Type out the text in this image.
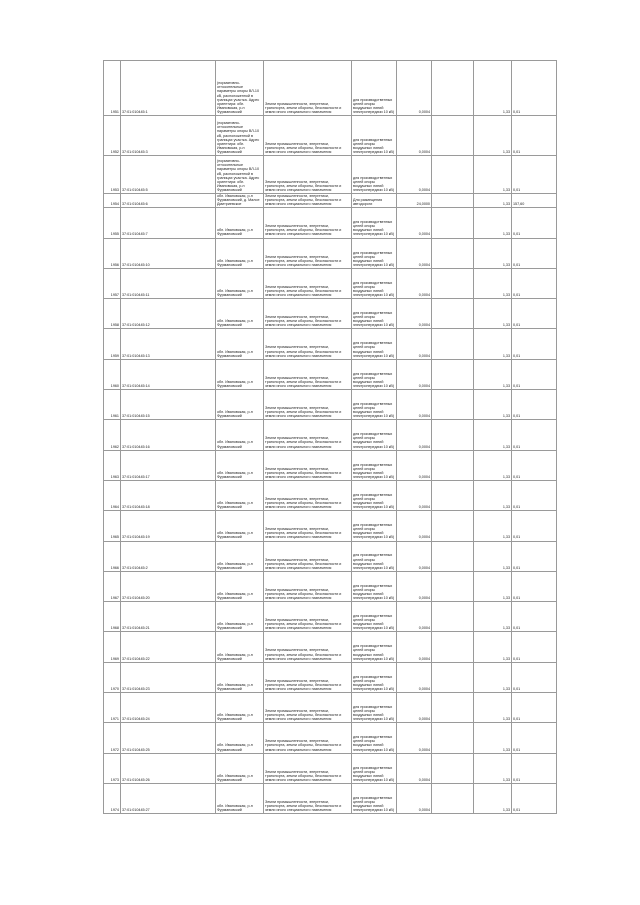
1951	37:01:010445:1	(нормативно-относительные параметры опоры ВЛ-10 кВ, расположенной в границах участка. Адрес ориентира: обл. Ивановская, р-н Фурмановский	Земли промышленности, энергетики, транспорта, земли обороны, безопасности и земли иного специального назначения	для производственных целей опоры воздушных линий электропередачи 10 кВ)	0,0004		1,33	0,01
1952	37:01:010445:3	(нормативно-относительные параметры опоры ВЛ-10 кВ, расположенной в границах участка. Адрес ориентира: обл. Ивановская, р-н Фурмановский	Земли промышленности, энергетики, транспорта, земли обороны, безопасности и земли иного специального назначения	для производственных целей опоры воздушных линий электропередачи 10 кВ)	0,0004		1,33	0,01
1953	37:01:010445:5	(нормативно-относительные параметры опоры ВЛ-10 кВ, расположенной в границах участка. Адрес ориентира: обл. Ивановская, р-н Фурмановский	Земли промышленности, энергетики, транспорта, земли обороны, безопасности и земли иного специального назначения	для производственных целей опоры воздушных линий электропередачи 10 кВ)	0,0004		1,33	0,01
1954	37:01:010445:6	обл. Ивановская, р-н Фурмановский, д. Малое Дмитриевское	Земли промышленности, энергетики, транспорта, земли обороны, безопасности и земли иного специального назначения	Для размещения автодороги	24,0000		1,33	157,60
1955	37:01:010445:7	обл. Ивановская, р-н Фурмановский	Земли промышленности, энергетики, транспорта, земли обороны, безопасности и земли иного специального назначения	для производственных целей опоры воздушных линий электропередачи 10 кВ)	0,0004		1,33	0,01
1956	37:01:010445:10	обл. Ивановская, р-н Фурмановский	Земли промышленности, энергетики, транспорта, земли обороны, безопасности и земли иного специального назначения	для производственных целей опоры воздушных линий электропередачи 10 кВ)	0,0004		1,33	0,01
1957	37:01:010445:11	обл. Ивановская, р-н Фурмановский	Земли промышленности, энергетики, транспорта, земли обороны, безопасности и земли иного специального назначения	для производственных целей опоры воздушных линий электропередачи 10 кВ)	0,0004		1,33	0,01
1958	37:01:010445:12	обл. Ивановская, р-н Фурмановский	Земли промышленности, энергетики, транспорта, земли обороны, безопасности и земли иного специального назначения	для производственных целей опоры воздушных линий электропередачи 10 кВ)	0,0004		1,33	0,01
1959	37:01:010445:13	обл. Ивановская, р-н Фурмановский	Земли промышленности, энергетики, транспорта, земли обороны, безопасности и земли иного специального назначения	для производственных целей опоры воздушных линий электропередачи 10 кВ)	0,0004		1,33	0,01
1960	37:01:010445:14	обл. Ивановская, р-н Фурмановский	Земли промышленности, энергетики, транспорта, земли обороны, безопасности и земли иного специального назначения	для производственных целей опоры воздушных линий электропередачи 10 кВ)	0,0004		1,33	0,01
1961	37:01:010445:15	обл. Ивановская, р-н Фурмановский	Земли промышленности, энергетики, транспорта, земли обороны, безопасности и земли иного специального назначения	для производственных целей опоры воздушных линий электропередачи 10 кВ)	0,0004		1,33	0,01
1962	37:01:010445:16	обл. Ивановская, р-н Фурмановский	Земли промышленности, энергетики, транспорта, земли обороны, безопасности и земли иного специального назначения	для производственных целей опоры воздушных линий электропередачи 10 кВ)	0,0004		1,33	0,01
1963	37:01:010445:17	обл. Ивановская, р-н Фурмановский	Земли промышленности, энергетики, транспорта, земли обороны, безопасности и земли иного специального назначения	для производственных целей опоры воздушных линий электропередачи 10 кВ)	0,0004		1,33	0,01
1964	37:01:010445:18	обл. Ивановская, р-н Фурмановский	Земли промышленности, энергетики, транспорта, земли обороны, безопасности и земли иного специального назначения	для производственных целей опоры воздушных линий электропередачи 10 кВ)	0,0004		1,33	0,01
1965	37:01:010445:19	обл. Ивановская, р-н Фурмановский	Земли промышленности, энергетики, транспорта, земли обороны, безопасности и земли иного специального назначения	для производственных целей опоры воздушных линий электропередачи 10 кВ)	0,0004		1,33	0,01
1966	37:01:010445:2	обл. Ивановская, р-н Фурмановский	Земли промышленности, энергетики, транспорта, земли обороны, безопасности и земли иного специального назначения	для производственных целей опоры воздушных линий электропередачи 10 кВ)	0,0004		1,33	0,01
1967	37:01:010445:20	обл. Ивановская, р-н Фурмановский	Земли промышленности, энергетики, транспорта, земли обороны, безопасности и земли иного специального назначения	для производственных целей опоры воздушных линий электропередачи 10 кВ)	0,0004		1,33	0,01
1968	37:01:010445:21	обл. Ивановская, р-н Фурмановский	Земли промышленности, энергетики, транспорта, земли обороны, безопасности и земли иного специального назначения	для производственных целей опоры воздушных линий электропередачи 10 кВ)	0,0004		1,33	0,01
1969	37:01:010445:22	обл. Ивановская, р-н Фурмановский	Земли промышленности, энергетики, транспорта, земли обороны, безопасности и земли иного специального назначения	для производственных целей опоры воздушных линий электропередачи 10 кВ)	0,0004		1,33	0,01
1970	37:01:010445:23	обл. Ивановская, р-н Фурмановский	Земли промышленности, энергетики, транспорта, земли обороны, безопасности и земли иного специального назначения	для производственных целей опоры воздушных линий электропередачи 10 кВ)	0,0004		1,33	0,01
1971	37:01:010445:24	обл. Ивановская, р-н Фурмановский	Земли промышленности, энергетики, транспорта, земли обороны, безопасности и земли иного специального назначения	для производственных целей опоры воздушных линий электропередачи 10 кВ)	0,0004		1,33	0,01
1972	37:01:010445:25	обл. Ивановская, р-н Фурмановский	Земли промышленности, энергетики, транспорта, земли обороны, безопасности и земли иного специального назначения	для производственных целей опоры воздушных линий электропередачи 10 кВ)	0,0004		1,33	0,01
1973	37:01:010445:26	обл. Ивановская, р-н Фурмановский	Земли промышленности, энергетики, транспорта, земли обороны, безопасности и земли иного специального назначения	для производственных целей опоры воздушных линий электропередачи 10 кВ)	0,0004		1,33	0,01
1974	37:01:010445:27	обл. Ивановская, р-н Фурмановский	Земли промышленности, энергетики, транспорта, земли обороны, безопасности и земли иного специального назначения	для производственных целей опоры воздушных линий электропередачи 10 кВ)	0,0004		1,33	0,01
